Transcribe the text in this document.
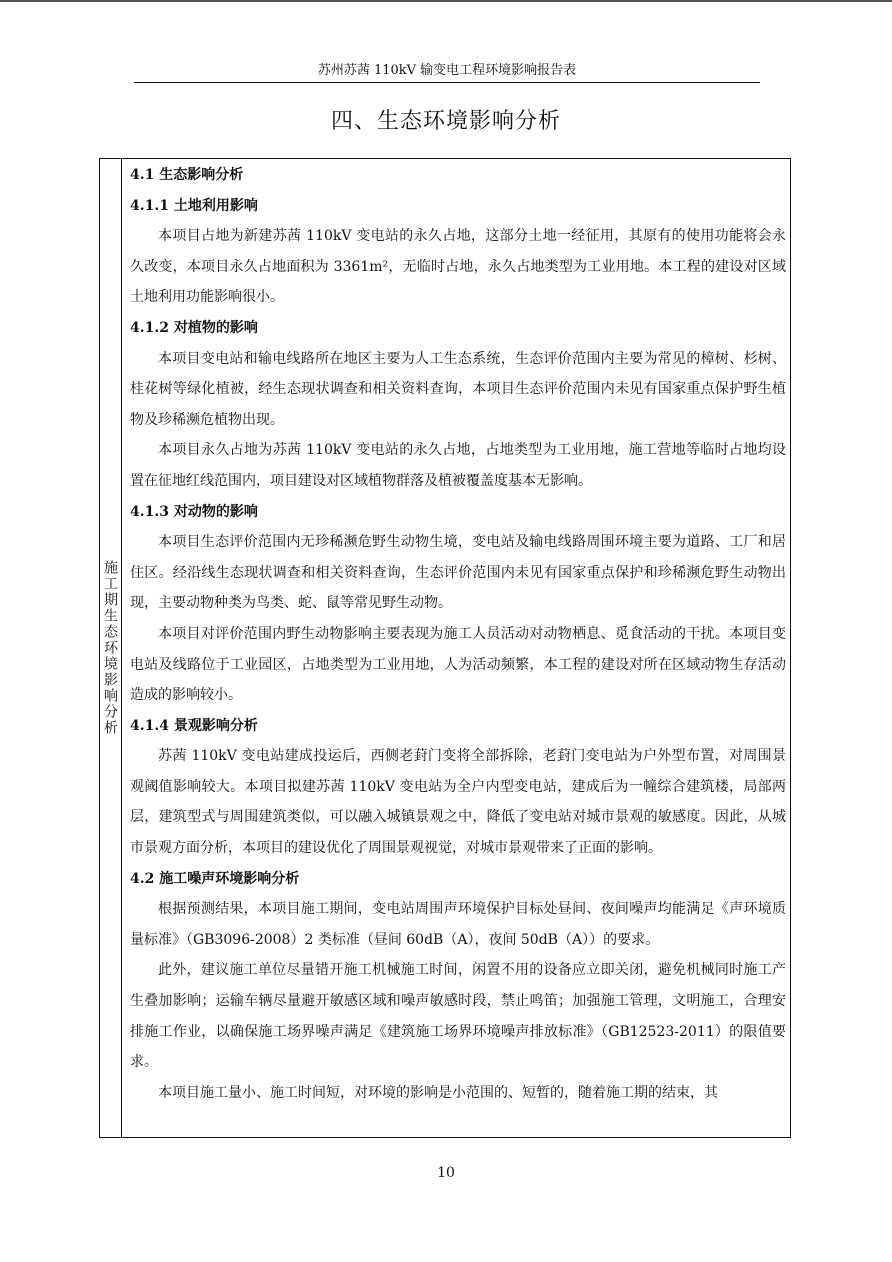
苏州苏茜 110kV 输变电工程环境影响报告表
四、生态环境影响分析
施工期生态环境影响分析
4.1 生态影响分析
4.1.1 土地利用影响

本项目占地为新建苏茜 110kV 变电站的永久占地，这部分土地一经征用，其原有的使用功能将会永久改变，本项目永久占地面积为 3361m²，无临时占地，永久占地类型为工业用地。本工程的建设对区域土地利用功能影响很小。

4.1.2 对植物的影响

本项目变电站和输电线路所在地区主要为人工生态系统，生态评价范围内主要为常见的樟树、杉树、桂花树等绿化植被，经生态现状调查和相关资料查询，本项目生态评价范围内未见有国家重点保护野生植物及珍稀濒危植物出现。

本项目永久占地为苏茜 110kV 变电站的永久占地，占地类型为工业用地，施工营地等临时占地均设置在征地红线范围内，项目建设对区域植物群落及植被覆盖度基本无影响。

4.1.3 对动物的影响

本项目生态评价范围内无珍稀濒危野生动物生境，变电站及输电线路周围环境主要为道路、工厂和居住区。经沿线生态现状调查和相关资料查询，生态评价范围内未见有国家重点保护和珍稀濒危野生动物出现，主要动物种类为鸟类、蛇、鼠等常见野生动物。

本项目对评价范围内野生动物影响主要表现为施工人员活动对动物栖息、觅食活动的干扰。本项目变电站及线路位于工业园区，占地类型为工业用地，人为活动频繁，本工程的建设对所在区域动物生存活动造成的影响较小。

4.1.4 景观影响分析

苏茜 110kV 变电站建成投运后，西侧老葑门变将全部拆除，老葑门变电站为户外型布置，对周围景观阈值影响较大。本项目拟建苏茜 110kV 变电站为全户内型变电站，建成后为一幢综合建筑楼，局部两层，建筑型式与周围建筑类似，可以融入城镇景观之中，降低了变电站对城市景观的敏感度。因此，从城市景观方面分析，本项目的建设优化了周围景观视觉，对城市景观带来了正面的影响。

4.2 施工噪声环境影响分析

根据预测结果，本项目施工期间，变电站周围声环境保护目标处昼间、夜间噪声均能满足《声环境质量标准》（GB3096-2008）2 类标准（昼间 60dB（A），夜间 50dB（A））的要求。

此外，建议施工单位尽量错开施工机械施工时间，闲置不用的设备应立即关闭，避免机械同时施工产生叠加影响；运输车辆尽量避开敏感区域和噪声敏感时段，禁止鸣笛；加强施工管理，文明施工，合理安排施工作业，以确保施工场界噪声满足《建筑施工场界环境噪声排放标准》（GB12523-2011）的限值要求。

本项目施工量小、施工时间短，对环境的影响是小范围的、短暂的，随着施工期的结束，其

10
